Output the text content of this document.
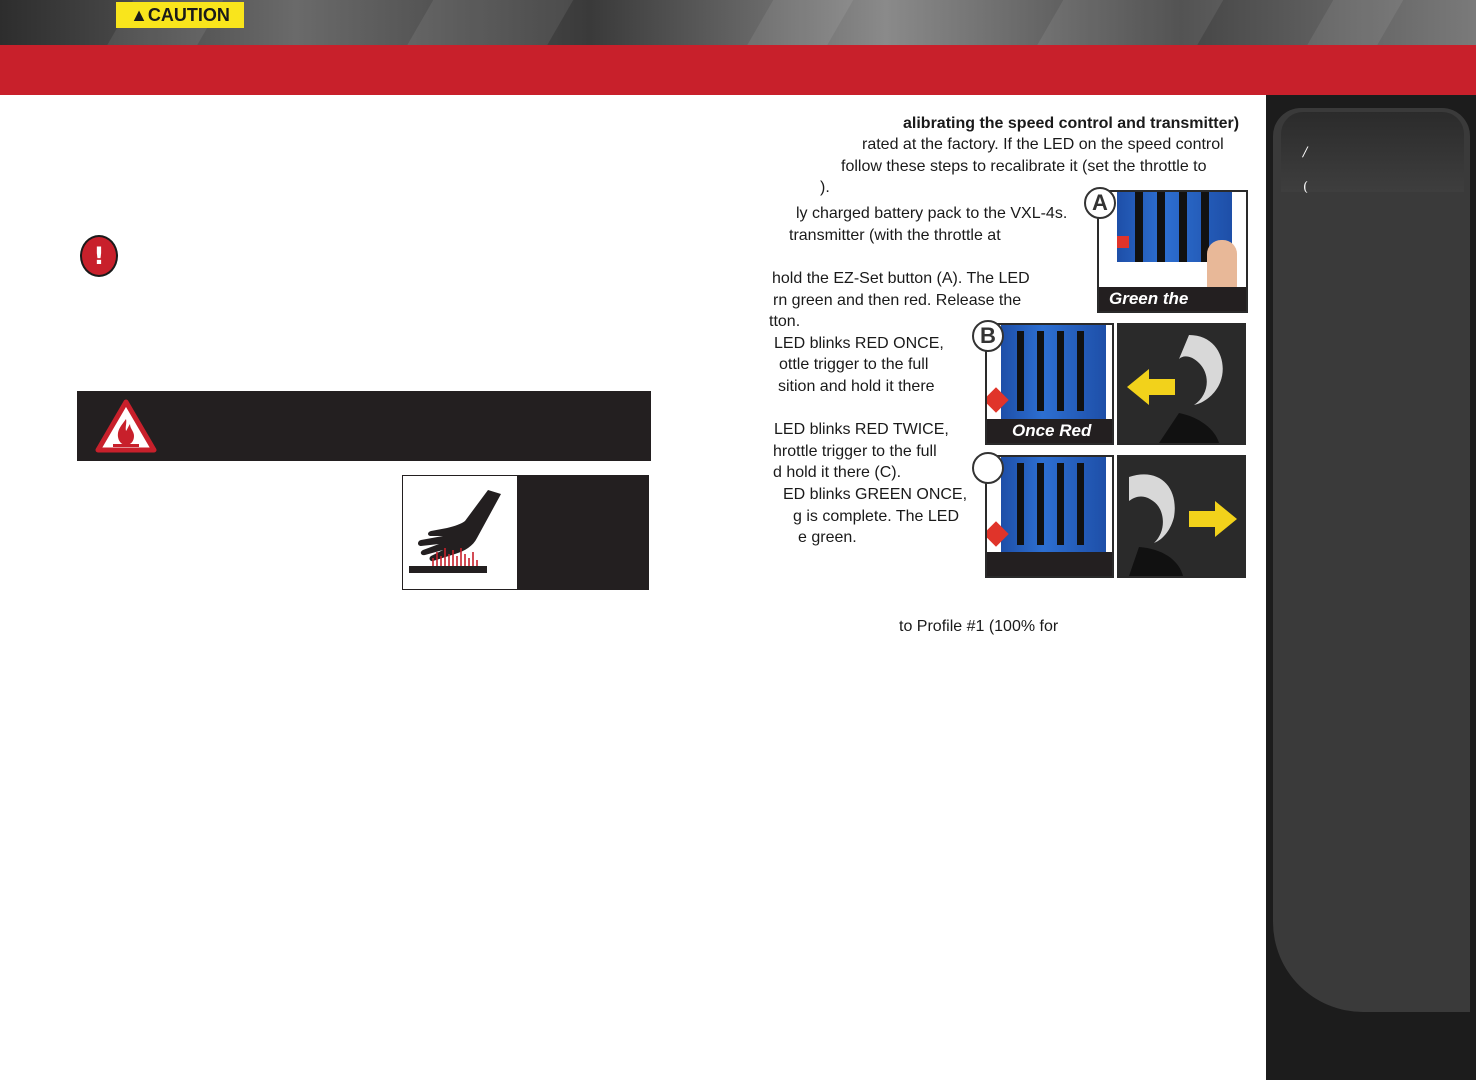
/
(
!
▲CAUTION
Burn hazard.
Hot surface.
Do not touch.
alibrating the speed control and transmitter)
rated at the factory. If the LED on the speed control
follow these steps to recalibrate it (set the throttle to
).
ly charged battery pack to the VXL-4s.
transmitter (with the throttle at
hold the EZ-Set button (A). The LED
rn green and then red. Release the
tton.
LED blinks RED ONCE,
ottle trigger to the full
sition and hold it there
LED blinks RED TWICE,
hrottle trigger to the full
d hold it there (C).
ED blinks GREEN ONCE,
g is complete. The LED
e green.
to Profile #1 (100% for
Green the
A
Once Red
B
